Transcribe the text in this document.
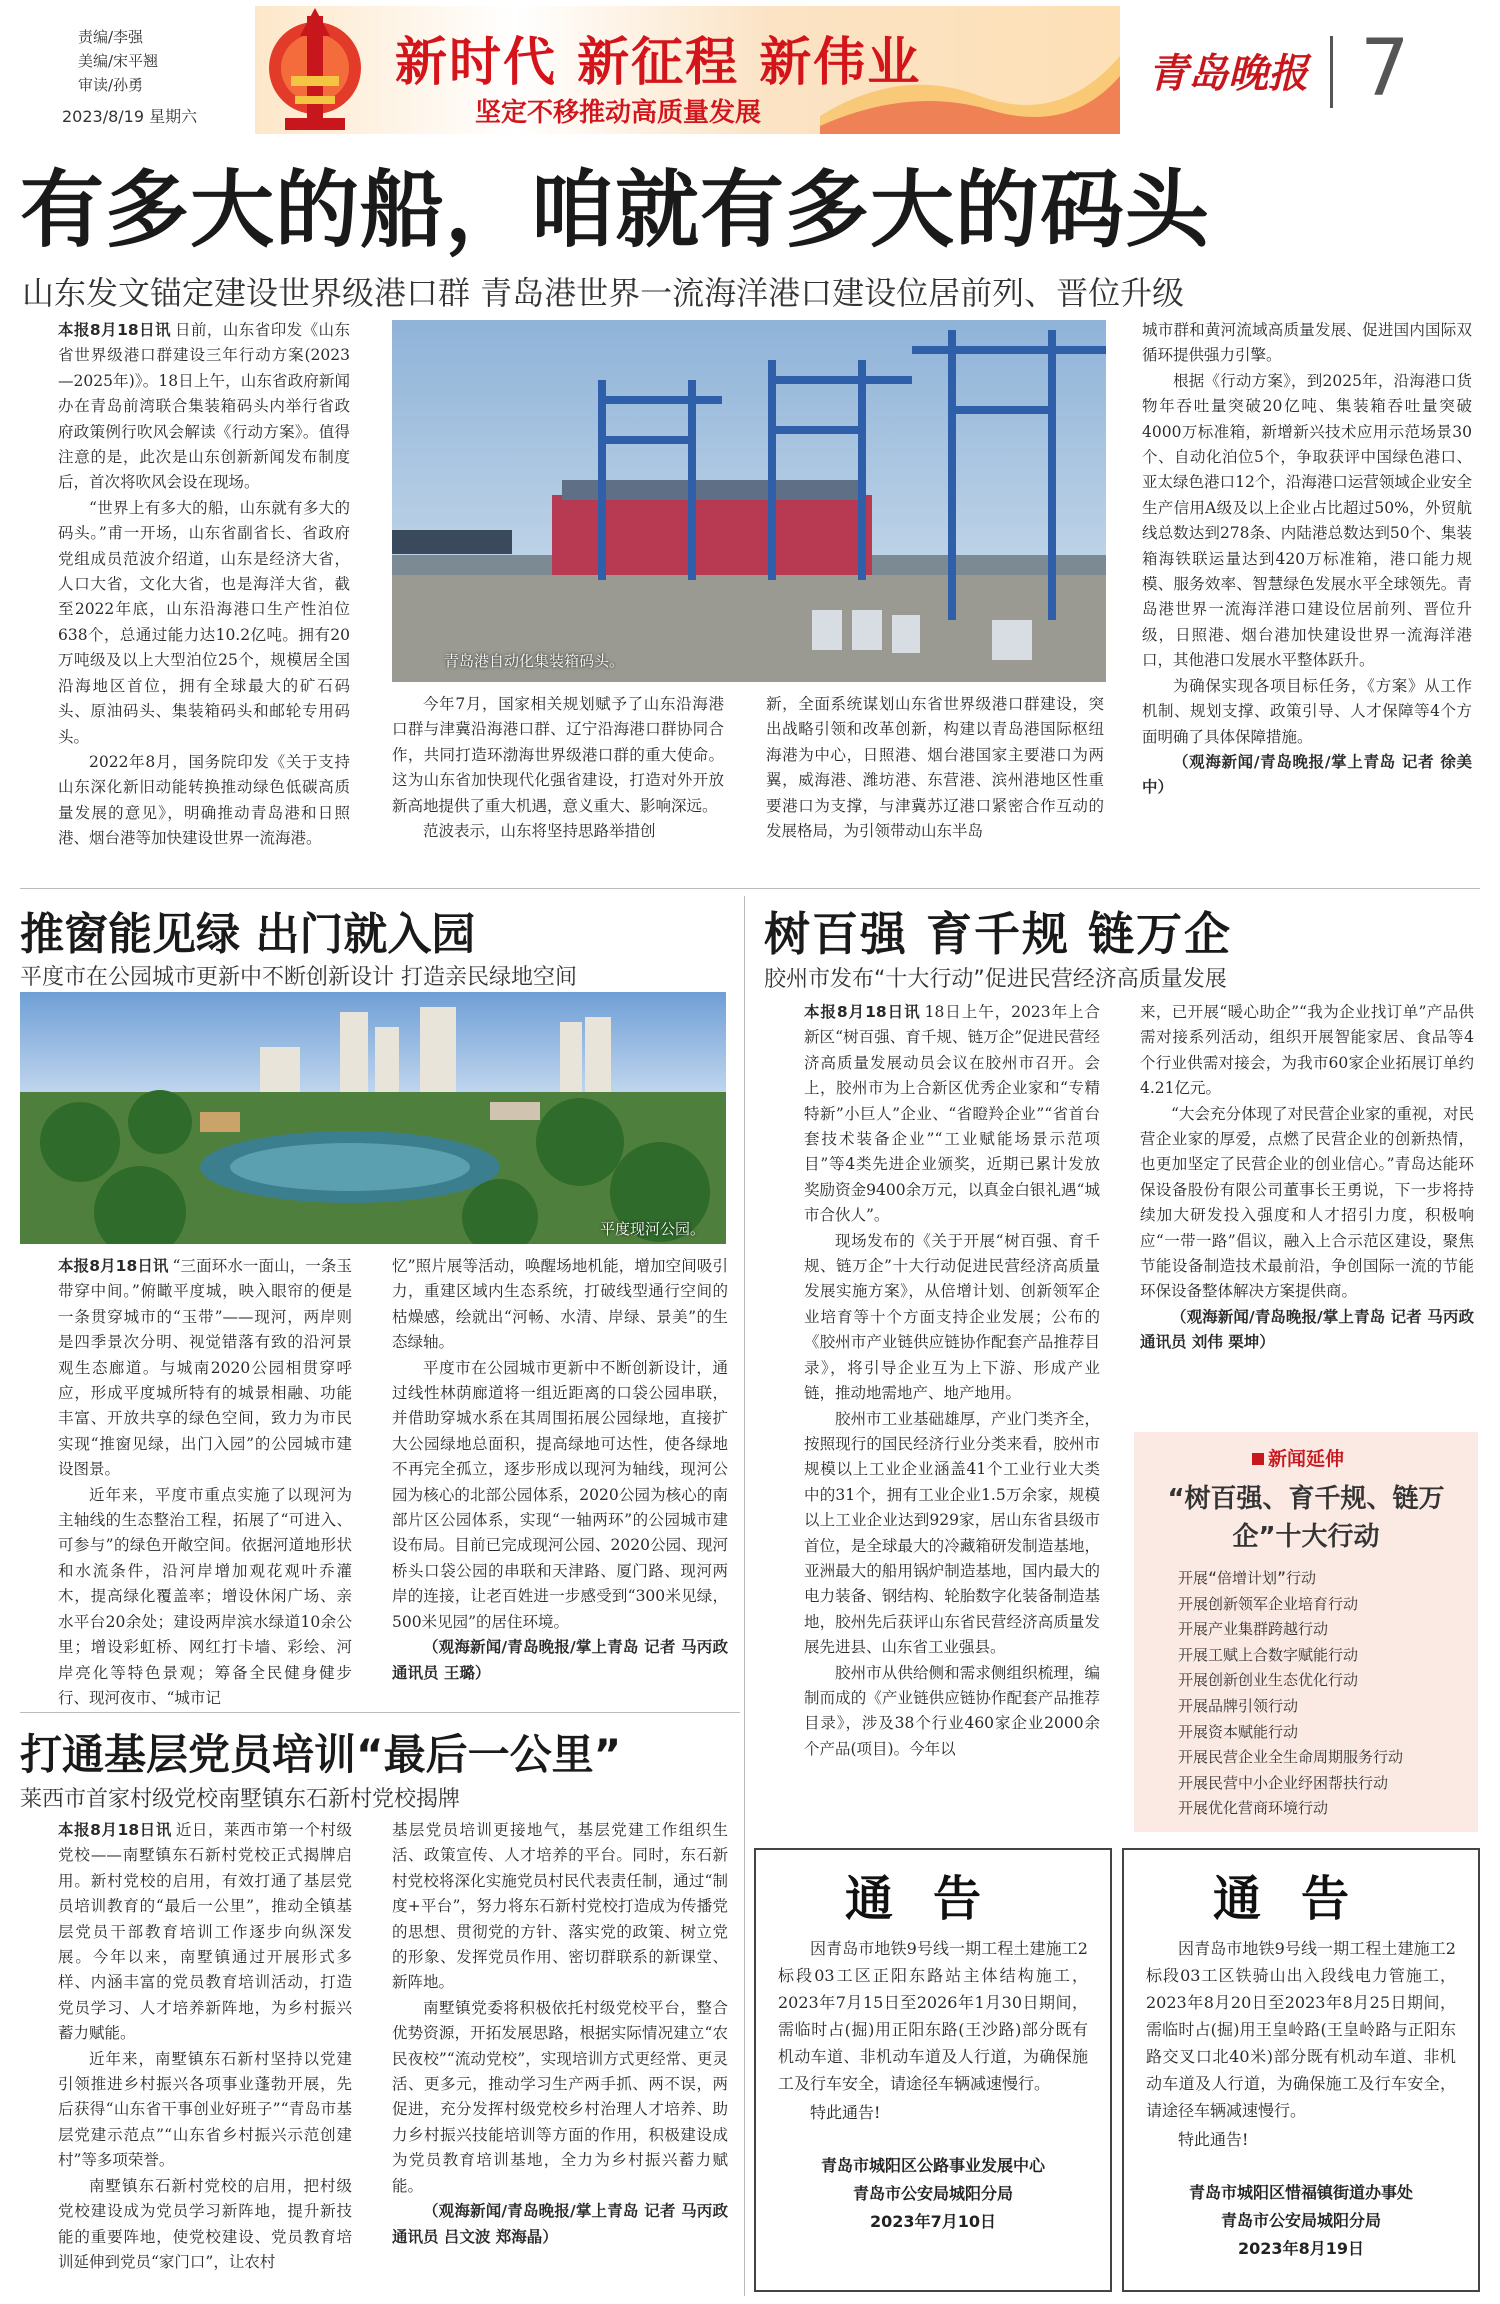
责编/李强
美编/宋平翘
审读/孙勇
2023/8/19 星期六
新时代 新征程 新伟业
坚定不移推动高质量发展
青岛晚报 7
有多大的船，咱就有多大的码头
山东发文锚定建设世界级港口群 青岛港世界一流海洋港口建设位居前列、晋位升级

本报8月18日讯 日前，山东省印发《山东省世界级港口群建设三年行动方案(2023—2025年)》。18日上午，山东省政府新闻办在青岛前湾联合集装箱码头内举行省政府政策例行吹风会解读《行动方案》。值得注意的是，此次是山东创新新闻发布制度后，首次将吹风会设在现场。

“世界上有多大的船，山东就有多大的码头。”甫一开场，山东省副省长、省政府党组成员范波介绍道，山东是经济大省，人口大省，文化大省，也是海洋大省，截至2022年底，山东沿海港口生产性泊位638个，总通过能力达10.2亿吨。拥有20万吨级及以上大型泊位25个，规模居全国沿海地区首位，拥有全球最大的矿石码头、原油码头、集装箱码头和邮轮专用码头。

2022年8月，国务院印发《关于支持山东深化新旧动能转换推动绿色低碳高质量发展的意见》，明确推动青岛港和日照港、烟台港等加快建设世界一流海港。

青岛港自动化集装箱码头。

今年7月，国家相关规划赋予了山东沿海港口群与津冀沿海港口群、辽宁沿海港口群协同合作，共同打造环渤海世界级港口群的重大使命。这为山东省加快现代化强省建设，打造对外开放新高地提供了重大机遇，意义重大、影响深远。

范波表示，山东将坚持思路举措创

新，全面系统谋划山东省世界级港口群建设，突出战略引领和改革创新，构建以青岛港国际枢纽海港为中心，日照港、烟台港国家主要港口为两翼，威海港、潍坊港、东营港、滨州港地区性重要港口为支撑，与津冀苏辽港口紧密合作互动的发展格局，为引领带动山东半岛

城市群和黄河流域高质量发展、促进国内国际双循环提供强力引擎。

根据《行动方案》，到2025年，沿海港口货物年吞吐量突破20亿吨、集装箱吞吐量突破4000万标准箱，新增新兴技术应用示范场景30个、自动化泊位5个，争取获评中国绿色港口、亚太绿色港口12个，沿海港口运营领域企业安全生产信用A级及以上企业占比超过50%，外贸航线总数达到278条、内陆港总数达到50个、集装箱海铁联运量达到420万标准箱，港口能力规模、服务效率、智慧绿色发展水平全球领先。青岛港世界一流海洋港口建设位居前列、晋位升级，日照港、烟台港加快建设世界一流海洋港口，其他港口发展水平整体跃升。

为确保实现各项目标任务，《方案》从工作机制、规划支撑、政策引导、人才保障等4个方面明确了具体保障措施。

（观海新闻/青岛晚报/掌上青岛 记者 徐美中）

推窗能见绿 出门就入园
平度市在公园城市更新中不断创新设计 打造亲民绿地空间
平度现河公园。

本报8月18日讯 “三面环水一面山，一条玉带穿中间。”俯瞰平度城，映入眼帘的便是一条贯穿城市的“玉带”——现河，两岸则是四季景次分明、视觉错落有致的沿河景观生态廊道。与城南2020公园相贯穿呼应，形成平度城所特有的城景相融、功能丰富、开放共享的绿色空间，致力为市民实现“推窗见绿，出门入园”的公园城市建设图景。

近年来，平度市重点实施了以现河为主轴线的生态整治工程，拓展了“可进入、可参与”的绿色开敞空间。依据河道地形状和水流条件，沿河岸增加观花观叶乔灌木，提高绿化覆盖率；增设休闲广场、亲水平台20余处；建设两岸滨水绿道10余公里；增设彩虹桥、网红打卡墙、彩绘、河岸亮化等特色景观；筹备全民健身健步行、现河夜市、“城市记

忆”照片展等活动，唤醒场地机能，增加空间吸引力，重建区域内生态系统，打破线型通行空间的枯燥感，绘就出“河畅、水清、岸绿、景美”的生态绿轴。

平度市在公园城市更新中不断创新设计，通过线性林荫廊道将一组近距离的口袋公园串联，并借助穿城水系在其周围拓展公园绿地，直接扩大公园绿地总面积，提高绿地可达性，使各绿地不再完全孤立，逐步形成以现河为轴线，现河公园为核心的北部公园体系，2020公园为核心的南部片区公园体系，实现“一轴两环”的公园城市建设布局。目前已完成现河公园、2020公园、现河桥头口袋公园的串联和天津路、厦门路、现河两岸的连接，让老百姓进一步感受到“300米见绿，500米见园”的居住环境。

（观海新闻/青岛晚报/掌上青岛 记者 马丙政 通讯员 王璐）

打通基层党员培训“最后一公里”
莱西市首家村级党校南墅镇东石新村党校揭牌

本报8月18日讯 近日，莱西市第一个村级党校——南墅镇东石新村党校正式揭牌启用。新村党校的启用，有效打通了基层党员培训教育的“最后一公里”，推动全镇基层党员干部教育培训工作逐步向纵深发展。今年以来，南墅镇通过开展形式多样、内涵丰富的党员教育培训活动，打造党员学习、人才培养新阵地，为乡村振兴蓄力赋能。

近年来，南墅镇东石新村坚持以党建引领推进乡村振兴各项事业蓬勃开展，先后获得“山东省干事创业好班子”“青岛市基层党建示范点”“山东省乡村振兴示范创建村”等多项荣誉。

南墅镇东石新村党校的启用，把村级党校建设成为党员学习新阵地，提升新技能的重要阵地，使党校建设、党员教育培训延伸到党员“家门口”，让农村

基层党员培训更接地气，基层党建工作组织生活、政策宣传、人才培养的平台。同时，东石新村党校将深化实施党员村民代表责任制，通过“制度+平台”，努力将东石新村党校打造成为传播党的思想、贯彻党的方针、落实党的政策、树立党的形象、发挥党员作用、密切群联系的新课堂、新阵地。

南墅镇党委将积极依托村级党校平台，整合优势资源，开拓发展思路，根据实际情况建立“农民夜校”“流动党校”，实现培训方式更经常、更灵活、更多元，推动学习生产两手抓、两不误，两促进，充分发挥村级党校乡村治理人才培养、助力乡村振兴技能培训等方面的作用，积极建设成为党员教育培训基地，全力为乡村振兴蓄力赋能。

（观海新闻/青岛晚报/掌上青岛 记者 马丙政 通讯员 吕文波 郑海晶）

树百强 育千规 链万企
胶州市发布“十大行动”促进民营经济高质量发展

本报8月18日讯 18日上午，2023年上合新区“树百强、育千规、链万企”促进民营经济高质量发展动员会议在胶州市召开。会上，胶州市为上合新区优秀企业家和“专精特新”小巨人”企业、“省瞪羚企业”“省首台套技术装备企业”“工业赋能场景示范项目”等4类先进企业颁奖，近期已累计发放奖励资金9400余万元，以真金白银礼遇“城市合伙人”。

现场发布的《关于开展“树百强、育千规、链万企”十大行动促进民营经济高质量发展实施方案》，从倍增计划、创新领军企业培育等十个方面支持企业发展；公布的《胶州市产业链供应链协作配套产品推荐目录》，将引导企业互为上下游、形成产业链，推动地需地产、地产地用。

胶州市工业基础雄厚，产业门类齐全，按照现行的国民经济行业分类来看，胶州市规模以上工业企业涵盖41个工业行业大类中的31个，拥有工业企业1.5万余家，规模以上工业企业达到929家，居山东省县级市首位，是全球最大的冷藏箱研发制造基地，亚洲最大的船用锅炉制造基地，国内最大的电力装备、钢结构、轮胎数字化装备制造基地，胶州先后获评山东省民营经济高质量发展先进县、山东省工业强县。

胶州市从供给侧和需求侧组织梳理，编制而成的《产业链供应链协作配套产品推荐目录》，涉及38个行业460家企业2000余个产品(项目)。今年以

来，已开展“暖心助企”“我为企业找订单”产品供需对接系列活动，组织开展智能家居、食品等4个行业供需对接会，为我市60家企业拓展订单约4.21亿元。

“大会充分体现了对民营企业家的重视，对民营企业家的厚爱，点燃了民营企业的创新热情，也更加坚定了民营企业的创业信心。”青岛达能环保设备股份有限公司董事长王勇说，下一步将持续加大研发投入强度和人才招引力度，积极响应“一带一路”倡议，融入上合示范区建设，聚焦节能设备制造技术最前沿，争创国际一流的节能环保设备整体解决方案提供商。

（观海新闻/青岛晚报/掌上青岛 记者 马丙政 通讯员 刘伟 栗坤）

新闻延伸
“树百强、育千规、链万企”十大行动
开展“倍增计划”行动
开展创新领军企业培育行动
开展产业集群跨越行动
开展工赋上合数字赋能行动
开展创新创业生态优化行动
开展品牌引领行动
开展资本赋能行动
开展民营企业全生命周期服务行动
开展民营中小企业纾困帮扶行动
开展优化营商环境行动
通告
因青岛市地铁9号线一期工程土建施工2标段03工区正阳东路站主体结构施工，2023年7月15日至2026年1月30日期间，需临时占(掘)用正阳东路(王沙路)部分既有机动车道、非机动车道及人行道，为确保施工及行车安全，请途径车辆减速慢行。
特此通告!
青岛市城阳区公路事业发展中心
青岛市公安局城阳分局
2023年7月10日
通告
因青岛市地铁9号线一期工程土建施工2标段03工区铁骑山出入段线电力管施工，2023年8月20日至2023年8月25日期间，需临时占(掘)用王皇岭路(王皇岭路与正阳东路交叉口北40米)部分既有机动车道、非机动车道及人行道，为确保施工及行车安全，请途径车辆减速慢行。
特此通告!
青岛市城阳区惜福镇街道办事处
青岛市公安局城阳分局
2023年8月19日
